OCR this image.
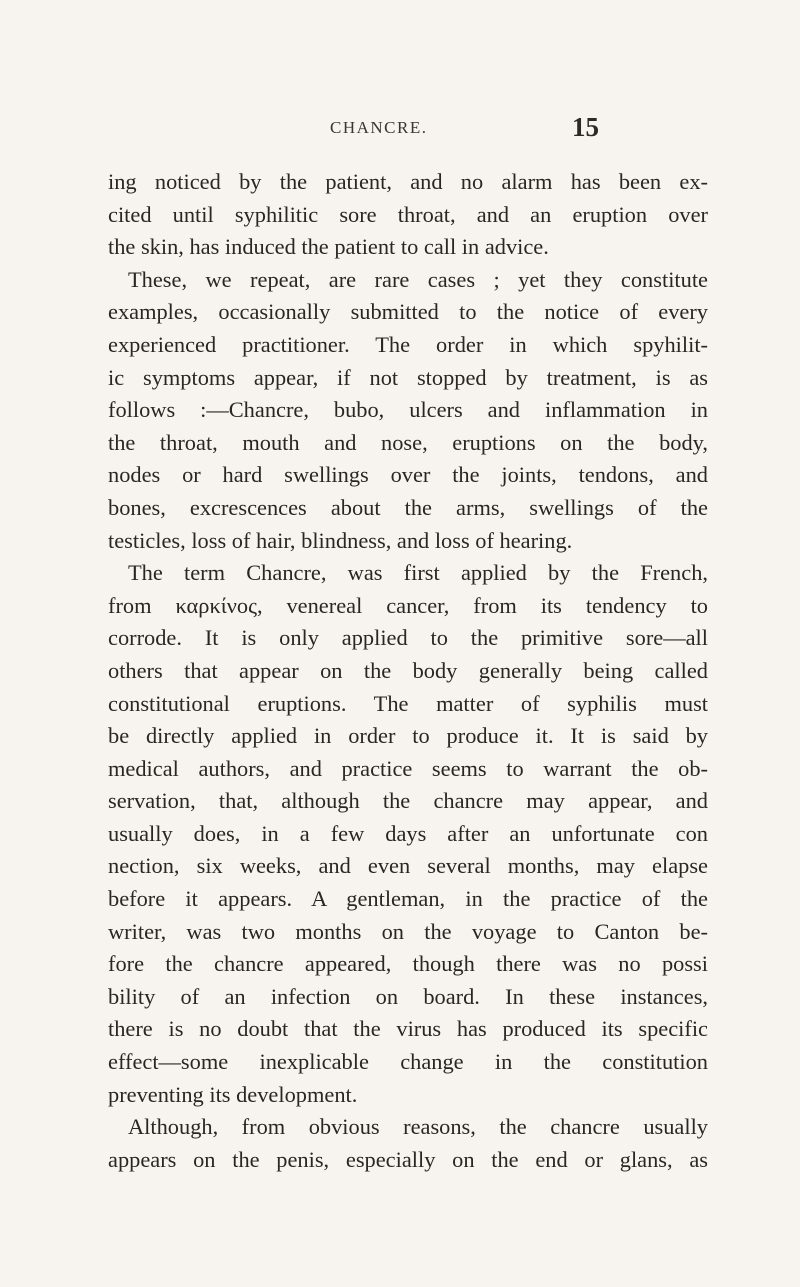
CHANCRE.	15
ing noticed by the patient, and no alarm has been ex-
cited until syphilitic sore throat, and an eruption over
the skin, has induced the patient to call in advice.
These, we repeat, are rare cases ; yet they constitute
examples, occasionally submitted to the notice of every
experienced practitioner. The order in which spyhilit-
ic symptoms appear, if not stopped by treatment, is as
follows :—Chancre, bubo, ulcers and inflammation in
the throat, mouth and nose, eruptions on the body,
nodes or hard swellings over the joints, tendons, and
bones, excrescences about the arms, swellings of the
testicles, loss of hair, blindness, and loss of hearing.
The term Chancre, was first applied by the French,
from καρκίνος, venereal cancer, from its tendency to
corrode. It is only applied to the primitive sore—all
others that appear on the body generally being called
constitutional eruptions. The matter of syphilis must
be directly applied in order to produce it. It is said by
medical authors, and practice seems to warrant the ob-
servation, that, although the chancre may appear, and
usually does, in a few days after an unfortunate con
nection, six weeks, and even several months, may elapse
before it appears. A gentleman, in the practice of the
writer, was two months on the voyage to Canton be-
fore the chancre appeared, though there was no possi
bility of an infection on board. In these instances,
there is no doubt that the virus has produced its specific
effect—some inexplicable change in the constitution
preventing its development.
Although, from obvious reasons, the chancre usually
appears on the penis, especially on the end or glans, as
